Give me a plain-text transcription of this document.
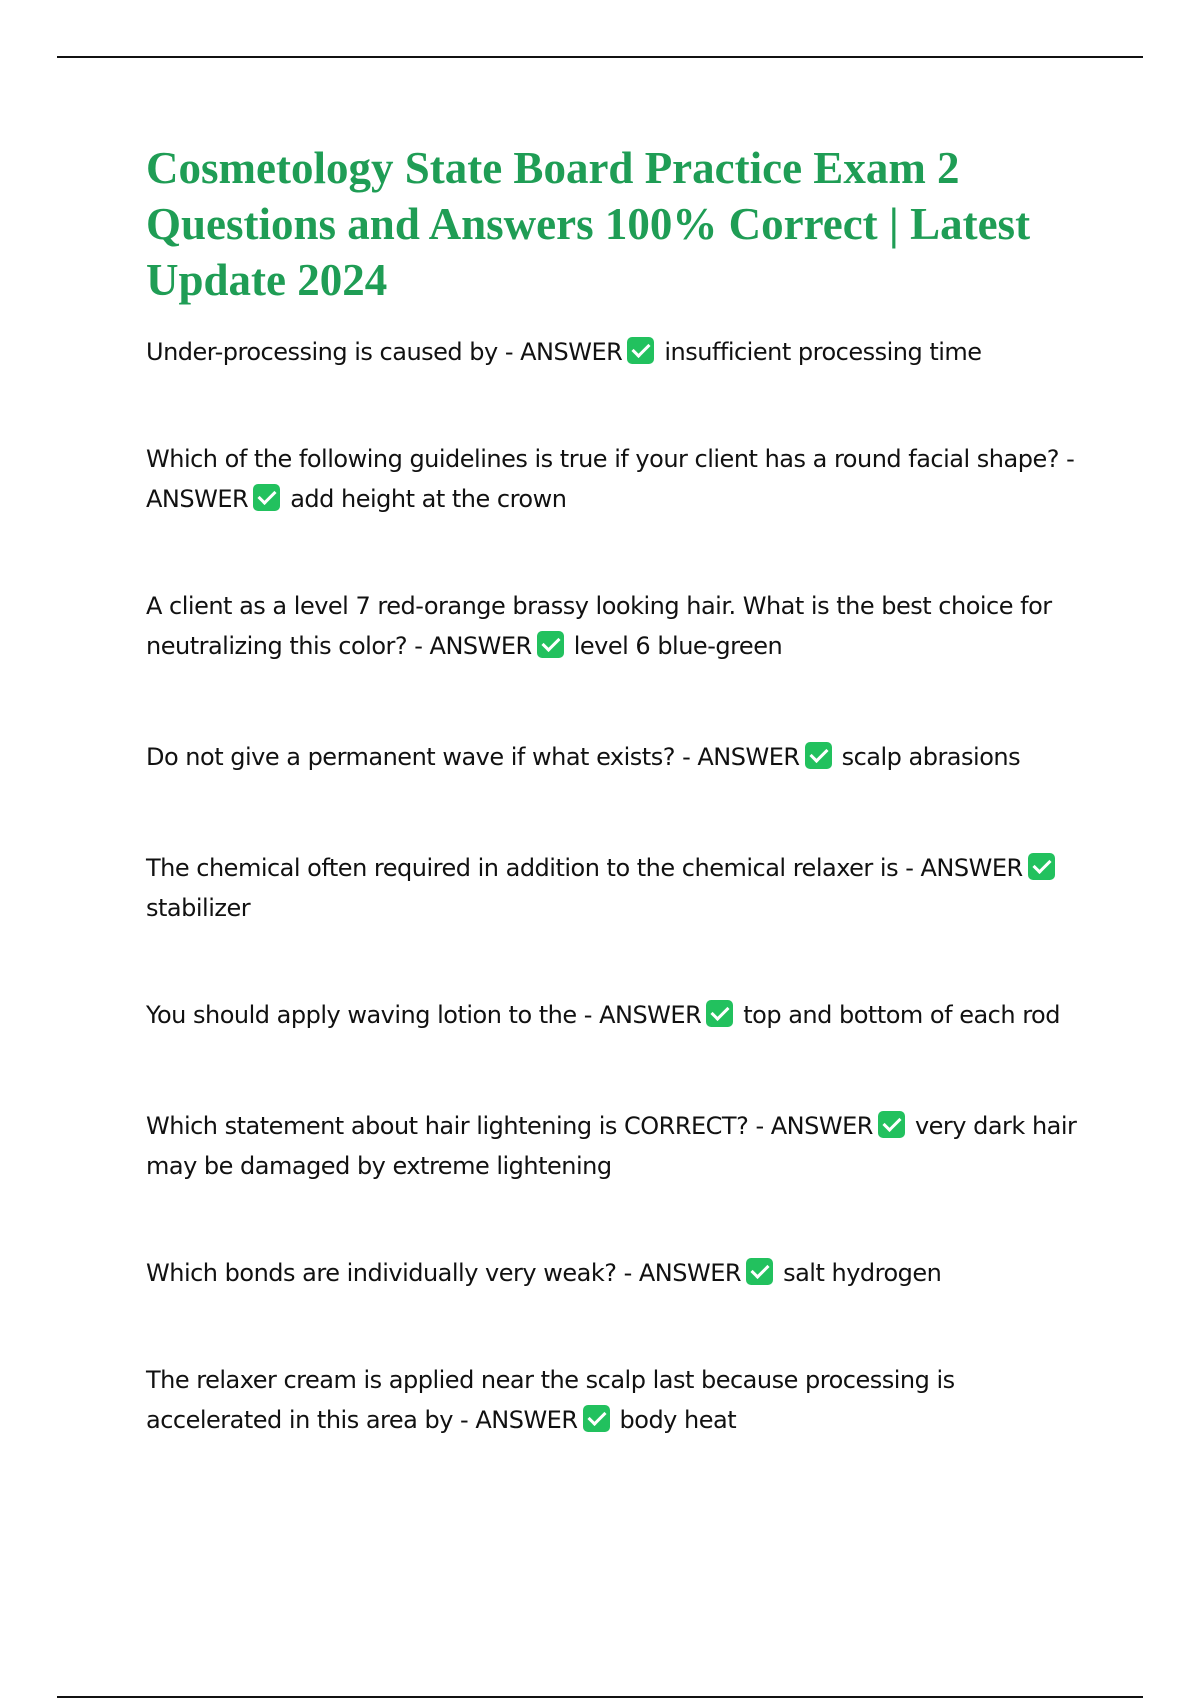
Cosmetology State Board Practice Exam 2 Questions and Answers 100% Correct | Latest Update 2024

Under-processing is caused by - ANSWER insufficient processing time

Which of the following guidelines is true if your client has a round facial shape? - ANSWER add height at the crown

A client as a level 7 red-orange brassy looking hair. What is the best choice for neutralizing this color? - ANSWER level 6 blue-green

Do not give a permanent wave if what exists? - ANSWER scalp abrasions

The chemical often required in addition to the chemical relaxer is - ANSWERstabilizer

You should apply waving lotion to the - ANSWER top and bottom of each rod

Which statement about hair lightening is CORRECT? - ANSWER very dark hair may be damaged by extreme lightening

Which bonds are individually very weak? - ANSWER salt hydrogen

The relaxer cream is applied near the scalp last because processing is accelerated in this area by - ANSWER body heat
